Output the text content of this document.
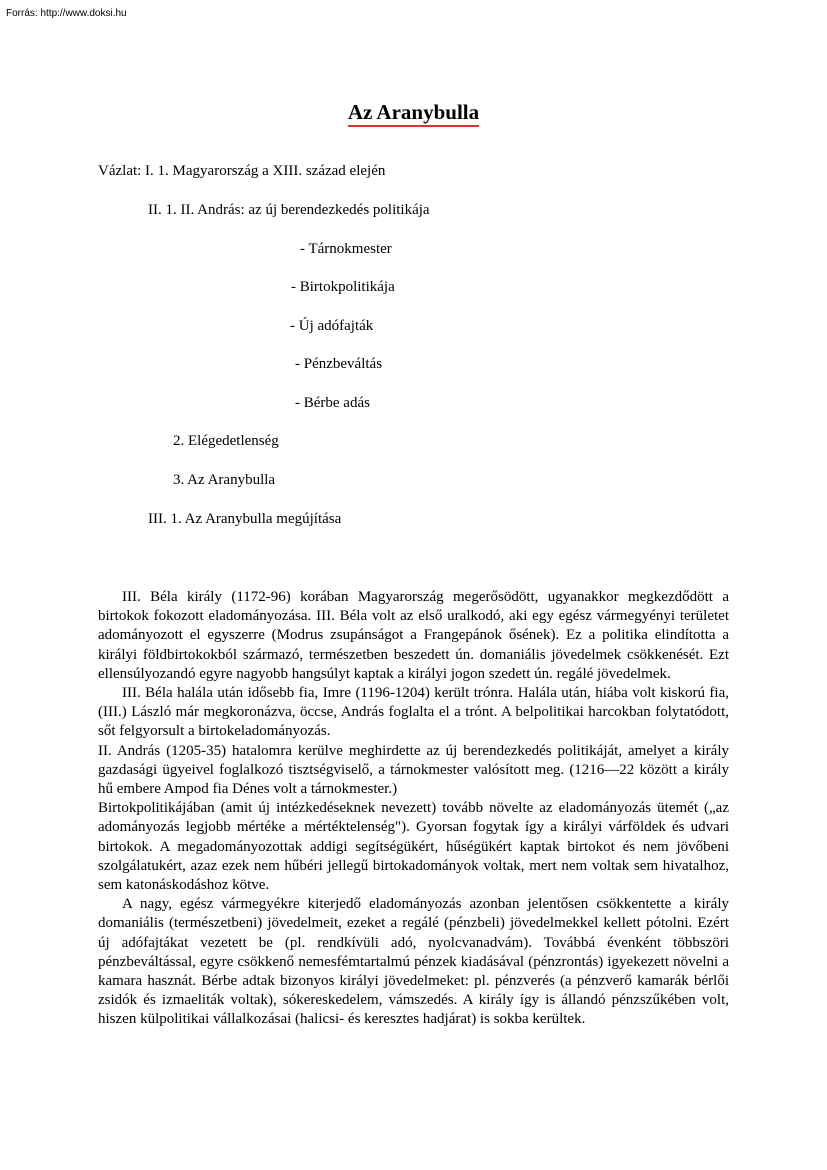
Forrás: http://www.doksi.hu
Az Aranybulla

Vázlat: I. 1. Magyarország a XIII. század elején

II. 1. II. András: az új berendezkedés politikája

- Tárnokmester

- Birtokpolitikája

- Új adófajták

- Pénzbeváltás

- Bérbe adás

2. Elégedetlenség

3. Az Aranybulla

III. 1. Az Aranybulla megújítása

III. Béla király (1172-96) korában Magyarország megerősödött, ugyanakkor megkezdődött a birtokok fokozott eladományozása. III. Béla volt az első uralkodó, aki egy egész vármegyényi területet adományozott el egyszerre (Modrus zsupánságot a Frangepánok ősének). Ez a politika elindította a királyi földbirtokokból származó, természetben beszedett ún. domaniális jövedelmek csökkenését. Ezt ellensúlyozandó egyre nagyobb hangsúlyt kaptak a királyi jogon szedett ún. regálé jövedelmek.

III. Béla halála után idősebb fia, Imre (1196-1204) került trónra. Halála után, hiába volt kiskorú fia, (III.) László már megkoronázva, öccse, András foglalta el a trónt. A belpolitikai harcokban folytatódott, sőt felgyorsult a birtokeladományozás.

II. András (1205-35) hatalomra kerülve meghirdette az új berendezkedés politikáját, amelyet a király gazdasági ügyeivel foglalkozó tisztségviselő, a tárnokmester valósított meg. (1216—22 között a király hű embere Ampod fia Dénes volt a tárnokmester.)

Birtokpolitikájában (amit új intézkedéseknek nevezett) tovább növelte az eladományozás ütemét („az adományozás legjobb mértéke a mértéktelenség"). Gyorsan fogytak így a királyi várföldek és udvari birtokok. A megadományozottak addigi segítségükért, hűségükért kaptak birtokot és nem jövőbeni szolgálatukért, azaz ezek nem hűbéri jellegű birtokadományok voltak, mert nem voltak sem hivatalhoz, sem katonáskodáshoz kötve.

A nagy, egész vármegyékre kiterjedő eladományozás azonban jelentősen csökkentette a király domaniális (természetbeni) jövedelmeit, ezeket a regálé (pénzbeli) jövedelmekkel kellett pótolni. Ezért új adófajtákat vezetett be (pl. rendkívüli adó, nyolcvanadvám). Továbbá évenként többszöri pénzbeváltással, egyre csökkenő nemesfémtartalmú pénzek kiadásával (pénzrontás) igyekezett növelni a kamara hasznát. Bérbe adtak bizonyos királyi jövedelmeket: pl. pénzverés (a pénzverő kamarák bérlői zsidók és izmaeliták voltak), sókereskedelem, vámszedés. A király így is állandó pénzszűkében volt, hiszen külpolitikai vállalkozásai (halicsi- és keresztes hadjárat) is sokba kerültek.
